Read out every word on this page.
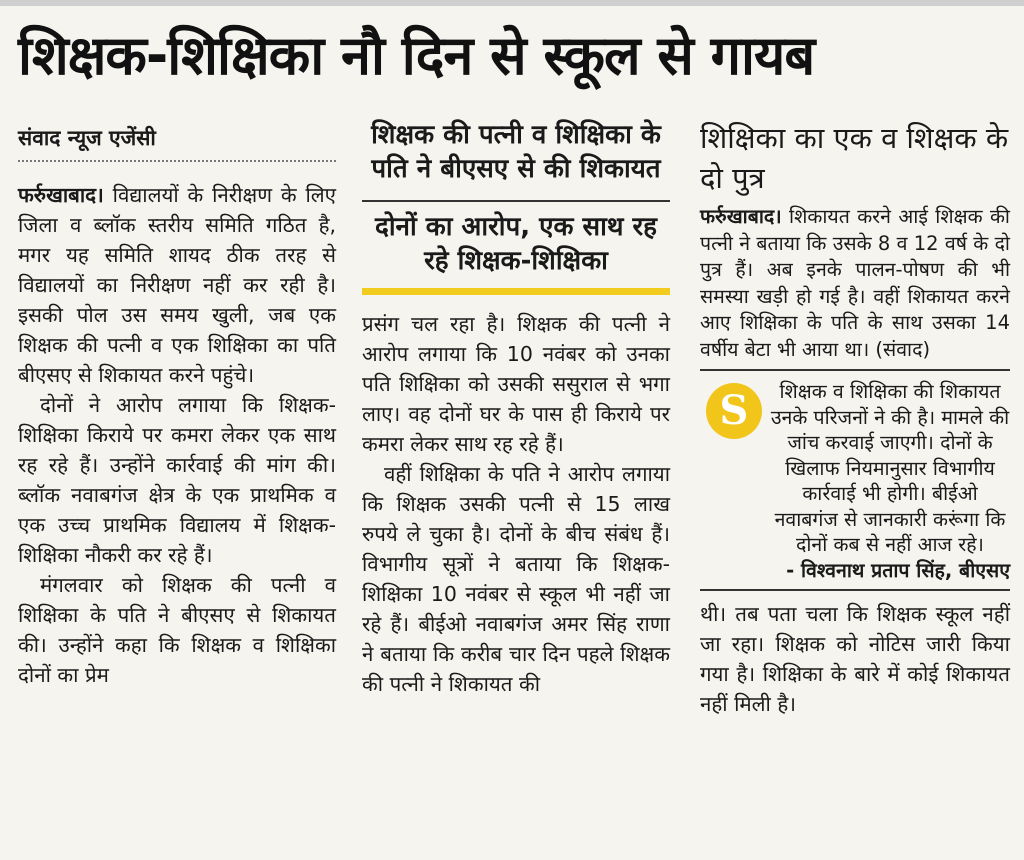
शिक्षक-शिक्षिका नौ दिन से स्कूल से गायब
संवाद न्यूज एजेंसी

फर्रुखाबाद। विद्यालयों के निरीक्षण के लिए जिला व ब्लॉक स्तरीय समिति गठित है, मगर यह समिति शायद ठीक तरह से विद्यालयों का निरीक्षण नहीं कर रही है। इसकी पोल उस समय खुली, जब एक शिक्षक की पत्नी व एक शिक्षिका का पति बीएसए से शिकायत करने पहुंचे।

दोनों ने आरोप लगाया कि शिक्षक-शिक्षिका किराये पर कमरा लेकर एक साथ रह रहे हैं। उन्होंने कार्रवाई की मांग की। ब्लॉक नवाबगंज क्षेत्र के एक प्राथमिक व एक उच्च प्राथमिक विद्यालय में शिक्षक-शिक्षिका नौकरी कर रहे हैं।

मंगलवार को शिक्षक की पत्नी व शिक्षिका के पति ने बीएसए से शिकायत की। उन्होंने कहा कि शिक्षक व शिक्षिका दोनों का प्रेम

शिक्षक की पत्नी व शिक्षिका के पति ने बीएसए से की शिकायत
दोनों का आरोप, एक साथ रह रहे शिक्षक-शिक्षिका

प्रसंग चल रहा है। शिक्षक की पत्नी ने आरोप लगाया कि 10 नवंबर को उनका पति शिक्षिका को उसकी ससुराल से भगा लाए। वह दोनों घर के पास ही किराये पर कमरा लेकर साथ रह रहे हैं।

वहीं शिक्षिका के पति ने आरोप लगाया कि शिक्षक उसकी पत्नी से 15 लाख रुपये ले चुका है। दोनों के बीच संबंध हैं। विभागीय सूत्रों ने बताया कि शिक्षक-शिक्षिका 10 नवंबर से स्कूल भी नहीं जा रहे हैं। बीईओ नवाबगंज अमर सिंह राणा ने बताया कि करीब चार दिन पहले शिक्षक की पत्नी ने शिकायत की

शिक्षिका का एक व शिक्षक के दो पुत्र
फर्रुखाबाद। शिकायत करने आई शिक्षक की पत्नी ने बताया कि उसके 8 व 12 वर्ष के दो पुत्र हैं। अब इनके पालन-पोषण की भी समस्या खड़ी हो गई है। वहीं शिकायत करने आए शिक्षिका के पति के साथ उसका 14 वर्षीय बेटा भी आया था। (संवाद)
S	शिक्षक व शिक्षिका की शिकायत उनके परिजनों ने की है। मामले की जांच करवाई जाएगी। दोनों के खिलाफ नियमानुसार विभागीय कार्रवाई भी होगी। बीईओ नवाबगंज से जानकारी करूंगा कि दोनों कब से नहीं आज रहे।
- विश्वनाथ प्रताप सिंह, बीएसए

थी। तब पता चला कि शिक्षक स्कूल नहीं जा रहा। शिक्षक को नोटिस जारी किया गया है। शिक्षिका के बारे में कोई शिकायत नहीं मिली है।
